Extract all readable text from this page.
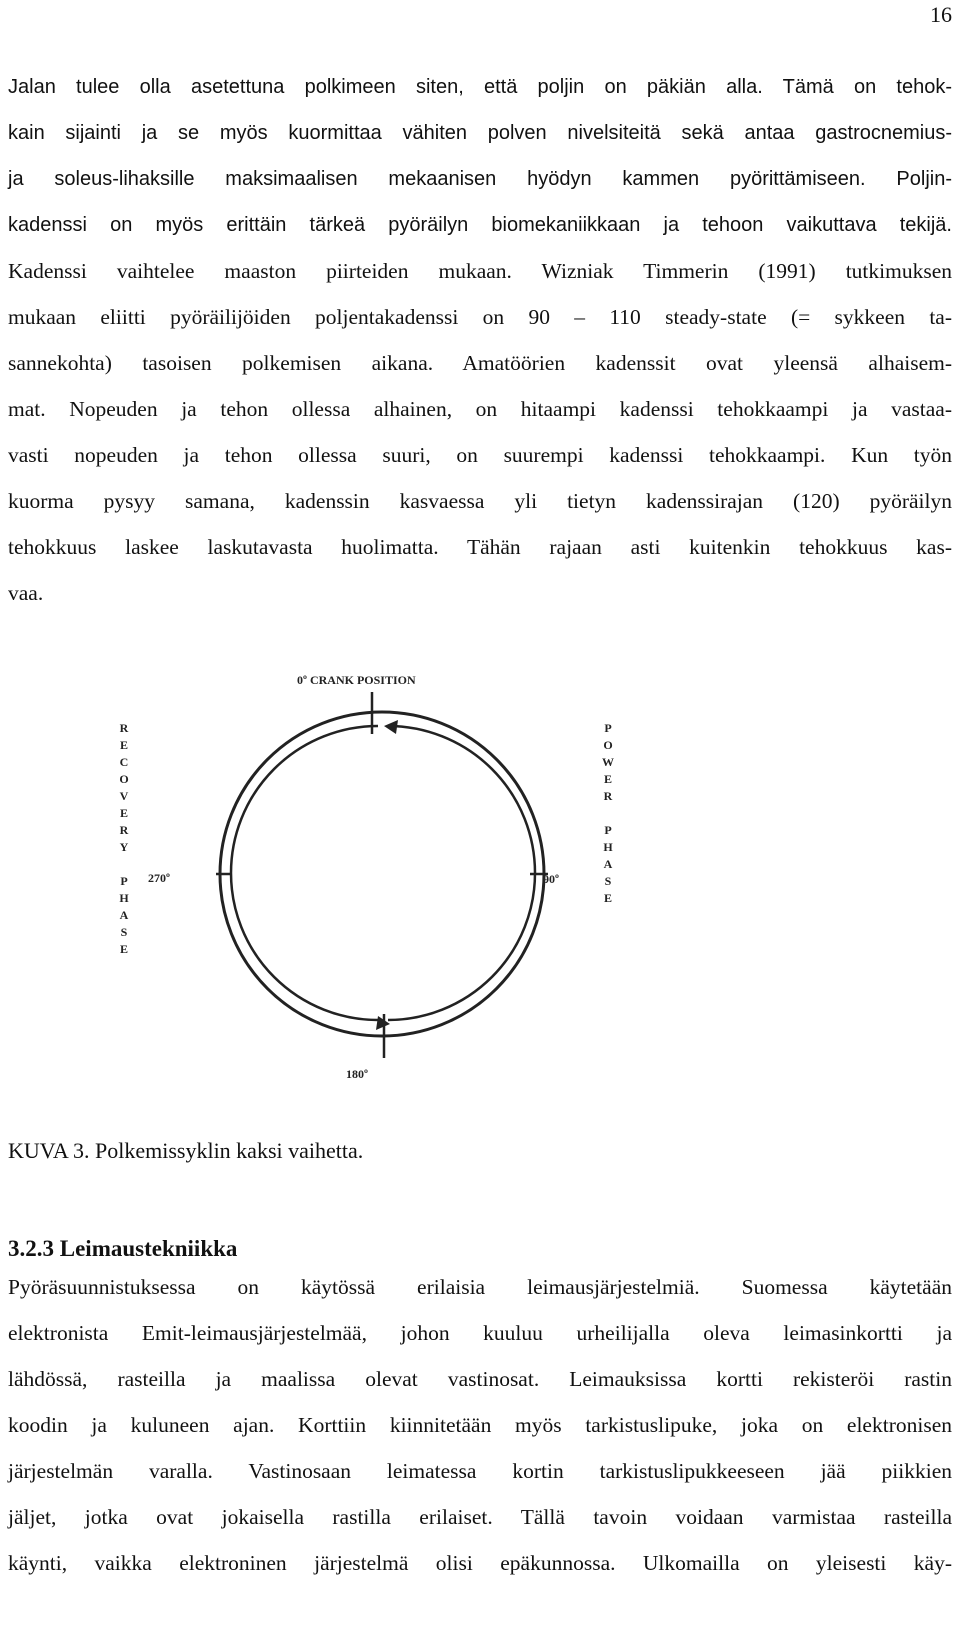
16
Jalan tulee olla asetettuna polkimeen siten, että poljin on päkiän alla. Tämä on tehok-
kain sijainti ja se myös kuormittaa vähiten polven nivelsiteitä sekä antaa gastrocnemius-
ja soleus-lihaksille maksimaalisen mekaanisen hyödyn kammen pyörittämiseen. Poljin-
kadenssi on myös erittäin tärkeä pyöräilyn biomekaniikkaan ja tehoon vaikuttava tekijä.
Kadenssi vaihtelee maaston piirteiden mukaan. Wizniak Timmerin (1991) tutkimuksen
mukaan eliitti pyöräilijöiden poljentakadenssi on 90 – 110 steady-state (= sykkeen ta-
sannekohta) tasoisen polkemisen aikana. Amatöörien kadenssit ovat yleensä alhaisem-
mat. Nopeuden ja tehon ollessa alhainen, on hitaampi kadenssi tehokkaampi ja vastaa-
vasti nopeuden ja tehon ollessa suuri, on suurempi kadenssi tehokkaampi. Kun työn
kuorma pysyy samana, kadenssin kasvaessa yli tietyn kadenssirajan (120) pyöräilyn
tehokkuus laskee laskutavasta huolimatta. Tähän rajaan asti kuitenkin tehokkuus kas-
vaa.
0º CRANK POSITION
90º
180º
270º
R
E
C
O
V
E
R
Y
P
H
A
S
E
P
O
W
E
R
P
H
A
S
E

KUVA 3. Polkemissyklin kaksi vaihetta.

3.2.3 Leimaustekniikka
Pyöräsuunnistuksessa on käytössä erilaisia leimausjärjestelmiä. Suomessa käytetään
elektronista Emit-leimausjärjestelmää, johon kuuluu urheilijalla oleva leimasinkortti ja
lähdössä, rasteilla ja maalissa olevat vastinosat. Leimauksissa kortti rekisteröi rastin
koodin ja kuluneen ajan. Korttiin kiinnitetään myös tarkistuslipuke, joka on elektronisen
järjestelmän varalla. Vastinosaan leimatessa kortin tarkistuslipukkeeseen jää piikkien
jäljet, jotka ovat jokaisella rastilla erilaiset. Tällä tavoin voidaan varmistaa rasteilla
käynti, vaikka elektroninen järjestelmä olisi epäkunnossa. Ulkomailla on yleisesti käy-
